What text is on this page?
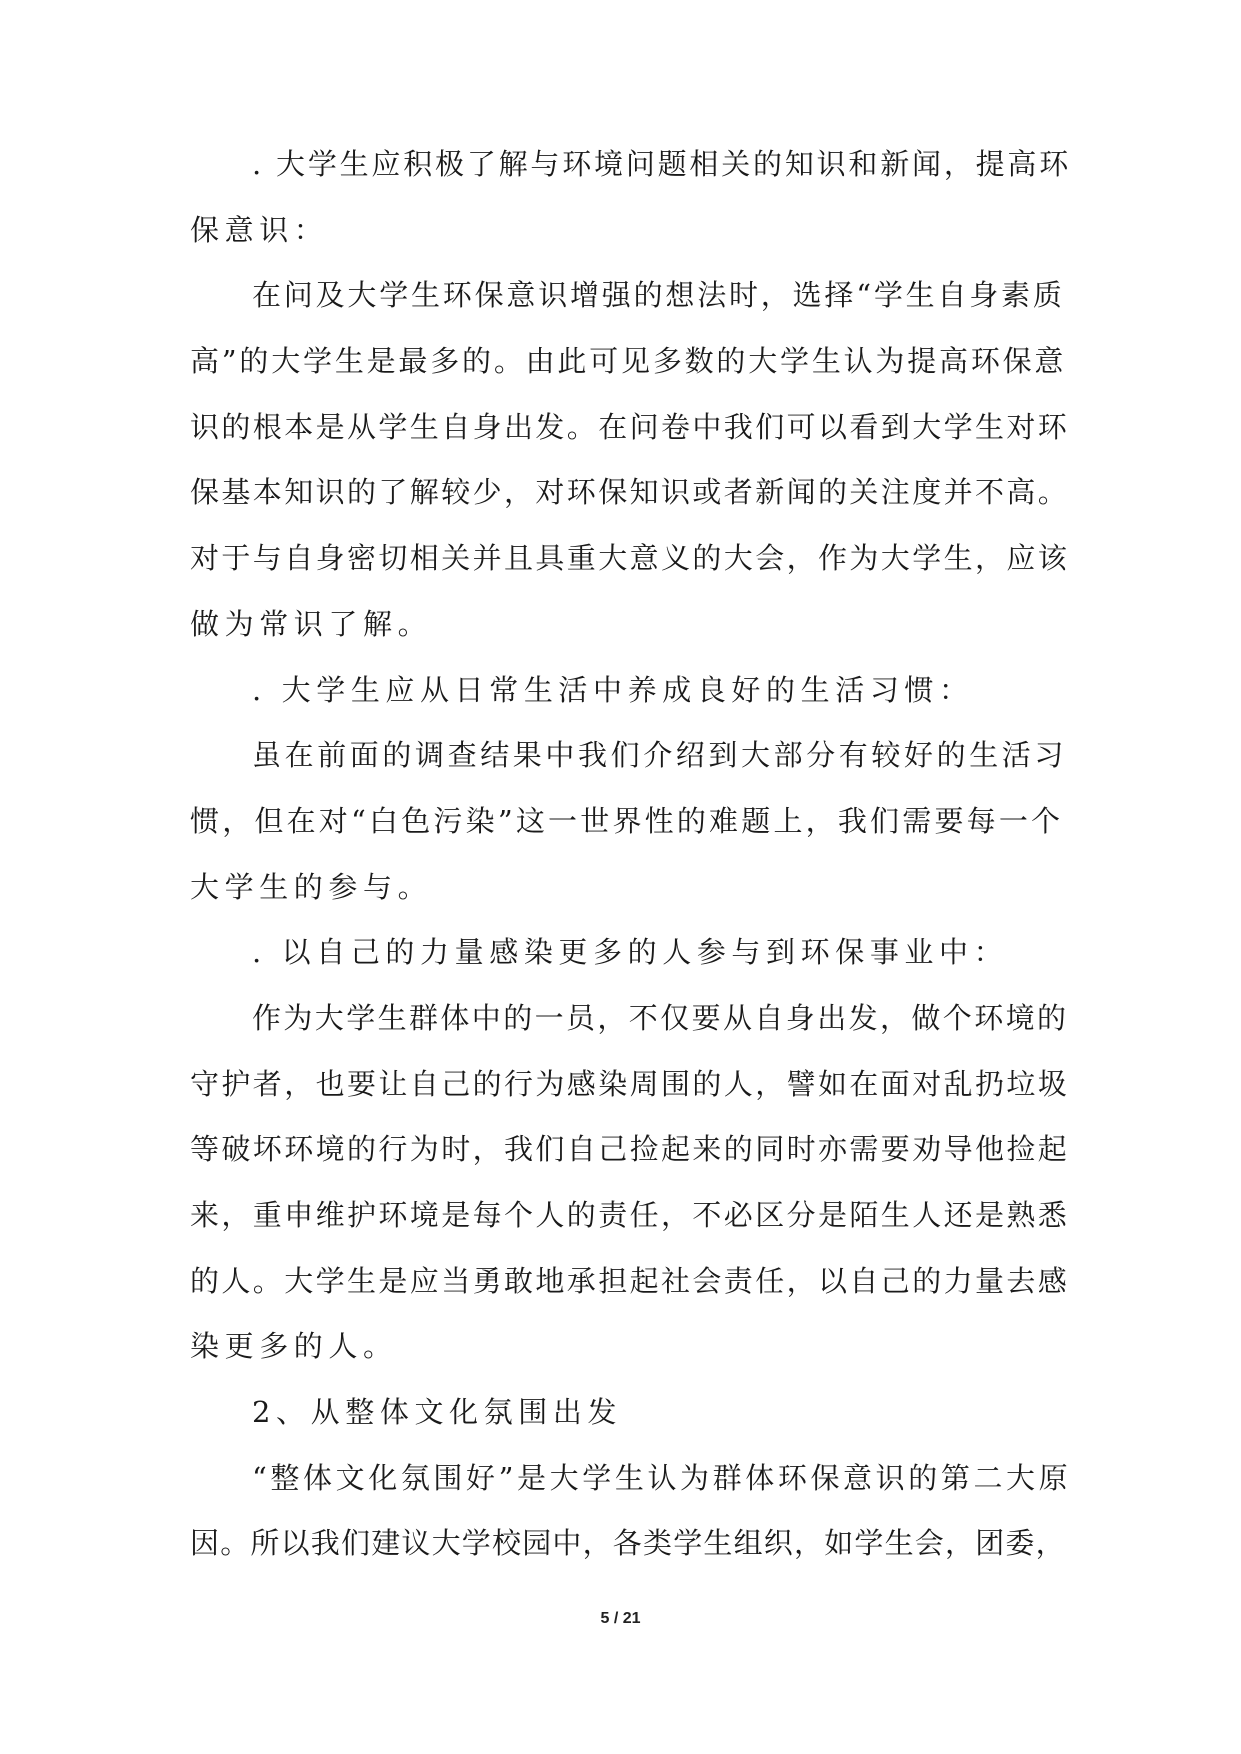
. 大学生应积极了解与环境问题相关的知识和新闻，提高环
保意识：
在问及大学生环保意识增强的想法时，选择“学生自身素质
高”的大学生是最多的。由此可见多数的大学生认为提高环保意
识的根本是从学生自身出发。在问卷中我们可以看到大学生对环
保基本知识的了解较少，对环保知识或者新闻的关注度并不高。
对于与自身密切相关并且具重大意义的大会，作为大学生，应该
做为常识了解。
. 大学生应从日常生活中养成良好的生活习惯：
虽在前面的调查结果中我们介绍到大部分有较好的生活习
惯，但在对“白色污染”这一世界性的难题上，我们需要每一个
大学生的参与。
. 以自己的力量感染更多的人参与到环保事业中：
作为大学生群体中的一员，不仅要从自身出发，做个环境的
守护者，也要让自己的行为感染周围的人，譬如在面对乱扔垃圾
等破坏环境的行为时，我们自己捡起来的同时亦需要劝导他捡起
来，重申维护环境是每个人的责任，不必区分是陌生人还是熟悉
的人。大学生是应当勇敢地承担起社会责任，以自己的力量去感
染更多的人。
2、从整体文化氛围出发
“整体文化氛围好”是大学生认为群体环保意识的第二大原
因。所以我们建议大学校园中，各类学生组织，如学生会，团委，
5 / 21
